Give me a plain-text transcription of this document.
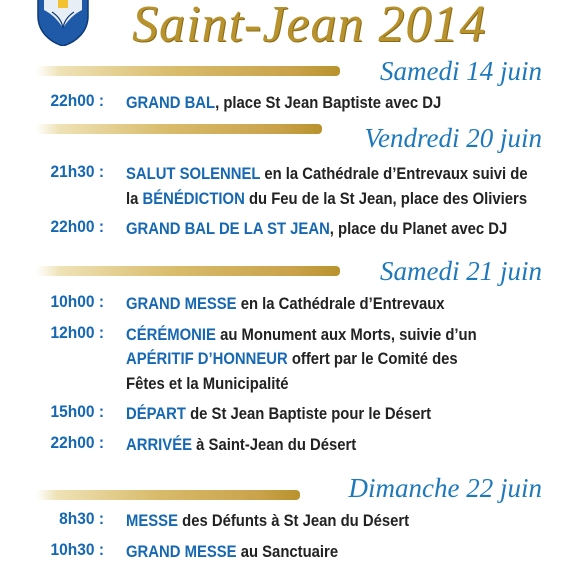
Saint-Jean 2014
Samedi 14 juin
22h00 : GRAND BAL, place St Jean Baptiste avec DJ
Vendredi 20 juin
21h30 : SALUT SOLENNEL en la Cathédrale d’Entrevaux suivi de
la BÉNÉDICTION du Feu de la St Jean, place des Oliviers
22h00 : GRAND BAL DE LA ST JEAN, place du Planet avec DJ
Samedi 21 juin
10h00 : GRAND MESSE en la Cathédrale d’Entrevaux
12h00 : CÉRÉMONIE au Monument aux Morts, suivie d’un
APÉRITIF D’HONNEUR offert par le Comité des
Fêtes et la Municipalité
15h00 : DÉPART de St Jean Baptiste pour le Désert
22h00 : ARRIVÉE à Saint-Jean du Désert
Dimanche 22 juin
8h30 : MESSE des Défunts à St Jean du Désert
10h30 : GRAND MESSE au Sanctuaire
